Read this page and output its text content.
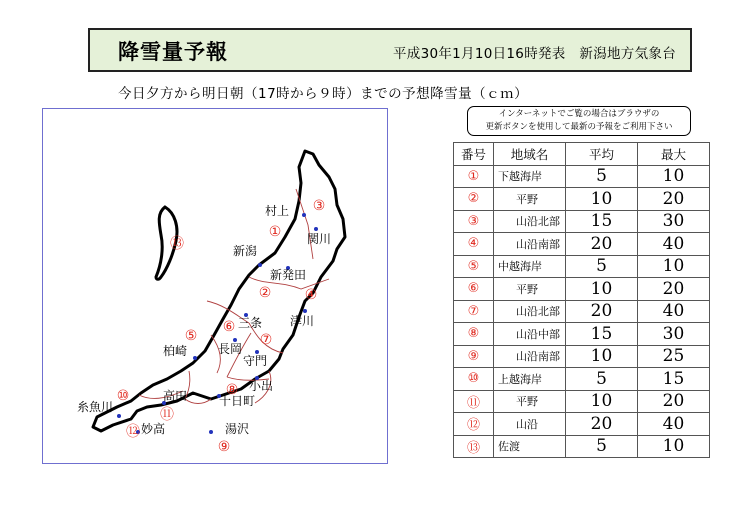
降雪量予報	平成30年1月10日16時発表　新潟地方気象台
今日夕方から明日朝（17時から９時）までの予想降雪量（ｃｍ）
村上
関川
新潟
新発田
三条 津川
柏崎	長岡
守門
小出
十日町
高田
糸魚川
妙高	湯沢
①
②
③
④
⑤
⑥
⑦
⑧
⑨
⑩
⑪
⑫
⑬
インターネットでご覧の場合はブラウザの
更新ボタンを使用して最新の予報をご利用下さい
番号	地域名	平均	最大
①	下越海岸	5	10
②	平野	10	20
③	山沿北部	15	30
④	山沿南部	20	40
⑤	中越海岸	5	10
⑥	平野	10	20
⑦	山沿北部	20	40
⑧	山沿中部	15	30
⑨	山沿南部	10	25
⑩	上越海岸	5	15
⑪	平野	10	20
⑫	山沿	20	40
⑬	佐渡	5	10
